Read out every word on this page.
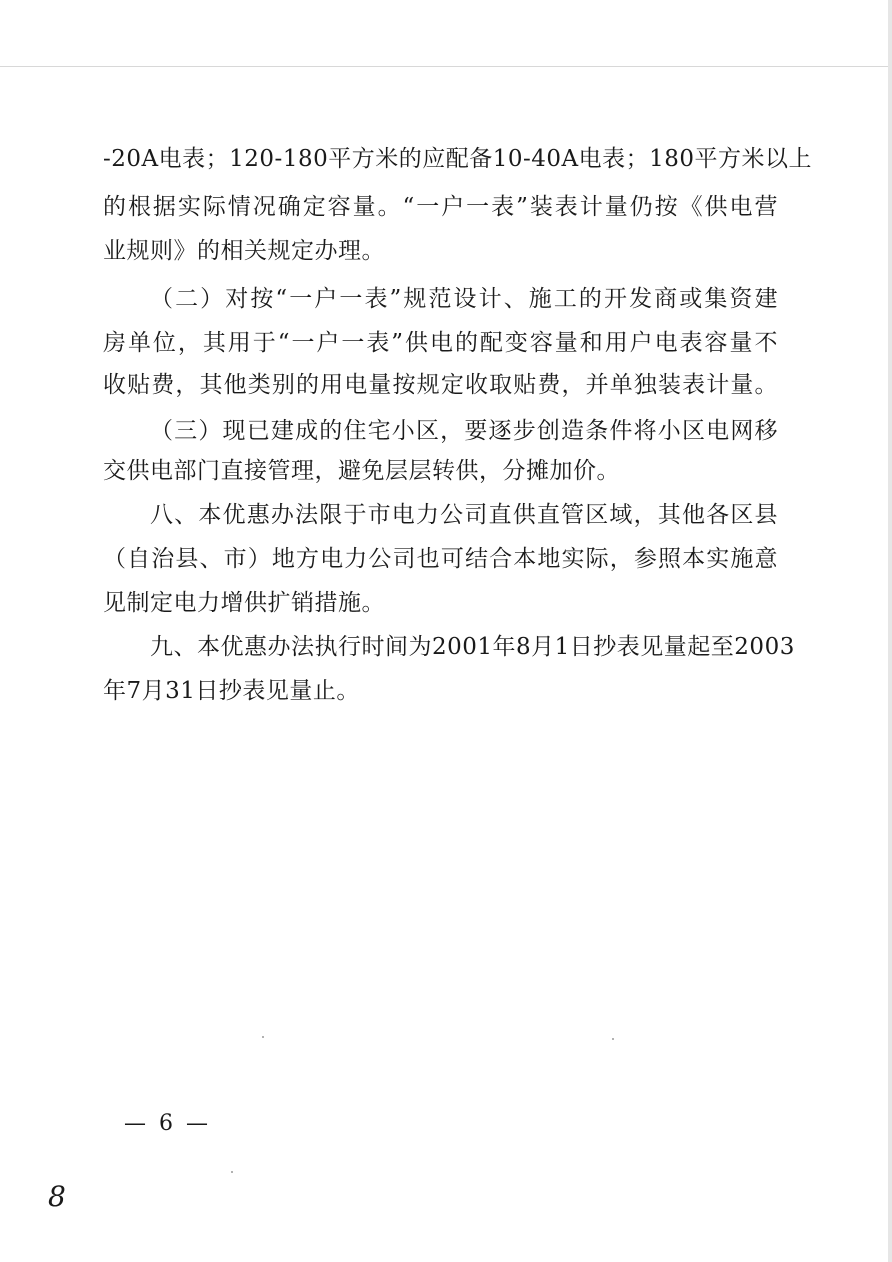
-20A电表；120-180平方米的应配备10-40A电表；180平方米以上
的根据实际情况确定容量。“一户一表”装表计量仍按《供电营
业规则》的相关规定办理。
（二）对按“一户一表”规范设计、施工的开发商或集资建
房单位，其用于“一户一表”供电的配变容量和用户电表容量不
收贴费，其他类别的用电量按规定收取贴费，并单独装表计量。
（三）现已建成的住宅小区，要逐步创造条件将小区电网移
交供电部门直接管理，避免层层转供，分摊加价。
八、本优惠办法限于市电力公司直供直管区域，其他各区县
（自治县、市）地方电力公司也可结合本地实际，参照本实施意
见制定电力增供扩销措施。
九、本优惠办法执行时间为2001年8月1日抄表见量起至2003
年7月31日抄表见量止。
— 6 —
8
